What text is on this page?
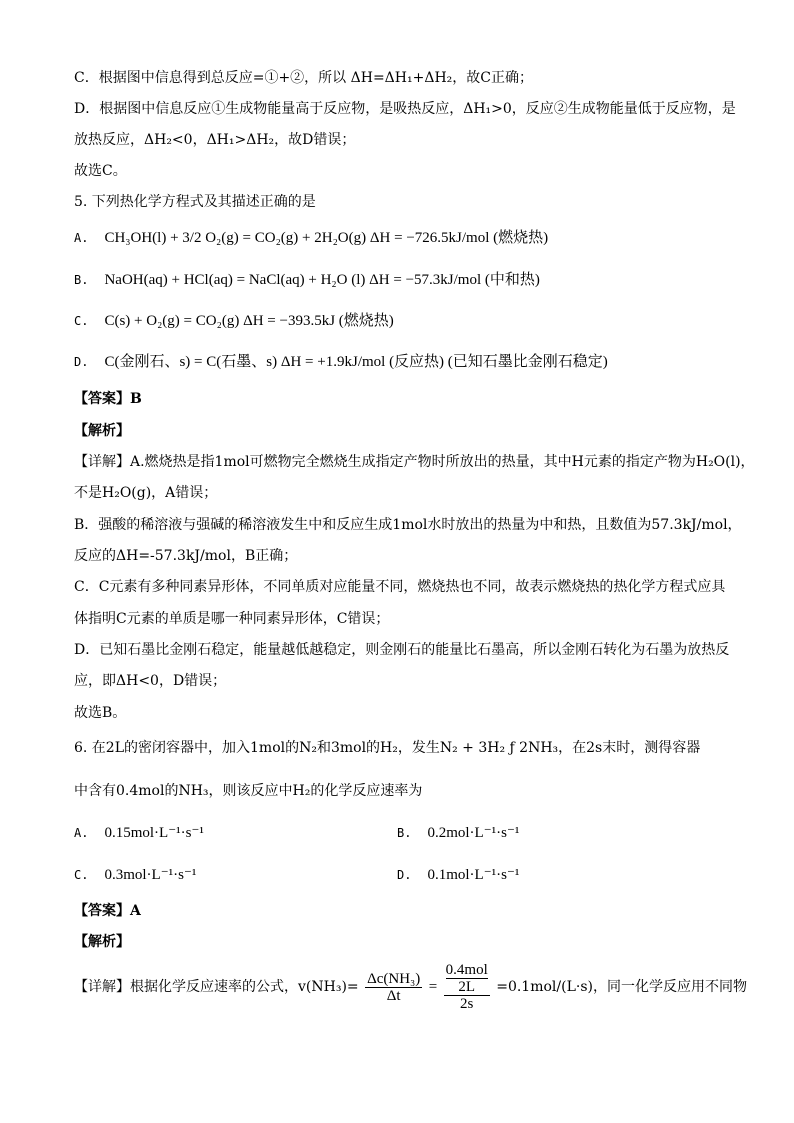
C．根据图中信息得到总反应=①+②，所以 ΔH=ΔH₁+ΔH₂，故C正确；
D．根据图中信息反应①生成物能量高于反应物，是吸热反应，ΔH₁>0，反应②生成物能量低于反应物，是
放热反应，ΔH₂<0，ΔH₁>ΔH₂，故D错误；
故选C。
5. 下列热化学方程式及其描述正确的是
A. CH₃OH(l) + 3/2 O₂(g) = CO₂(g) + 2H₂O(g) ΔH = −726.5kJ/mol (燃烧热)
B. NaOH(aq) + HCl(aq) = NaCl(aq) + H₂O (l) ΔH = −57.3kJ/mol (中和热)
C. C(s) + O₂(g) = CO₂(g) ΔH = −393.5kJ (燃烧热)
D. C(金刚石、s) = C(石墨、s) ΔH = +1.9kJ/mol (反应热) (已知石墨比金刚石稳定)
【答案】B
【解析】
【详解】A.燃烧热是指1mol可燃物完全燃烧生成指定产物时所放出的热量，其中H元素的指定产物为H₂O(l)，
不是H₂O(g)，A错误；
B．强酸的稀溶液与强碱的稀溶液发生中和反应生成1mol水时放出的热量为中和热，且数值为57.3kJ/mol，
反应的ΔH=-57.3kJ/mol，B正确；
C．C元素有多种同素异形体，不同单质对应能量不同，燃烧热也不同，故表示燃烧热的热化学方程式应具
体指明C元素的单质是哪一种同素异形体，C错误；
D．已知石墨比金刚石稳定，能量越低越稳定，则金刚石的能量比石墨高，所以金刚石转化为石墨为放热反
应，即ΔH<0，D错误；
故选B。
6. 在2L的密闭容器中，加入1mol的N₂和3mol的H₂，发生N₂ + 3H₂ ƒ 2NH₃，在2s末时，测得容器
中含有0.4mol的NH₃，则该反应中H₂的化学反应速率为
A. 0.15mol·L⁻¹·s⁻¹	B. 0.2mol·L⁻¹·s⁻¹
C. 0.3mol·L⁻¹·s⁻¹	D. 0.1mol·L⁻¹·s⁻¹
【答案】A
【解析】
【详解】根据化学反应速率的公式，$v(NH_3)= \frac{\text{Δc(NH₃)}}{\Delta t} = 0.4mol$
2L
2s =0.1mol/(L·s)，同一化学反应用不同物
